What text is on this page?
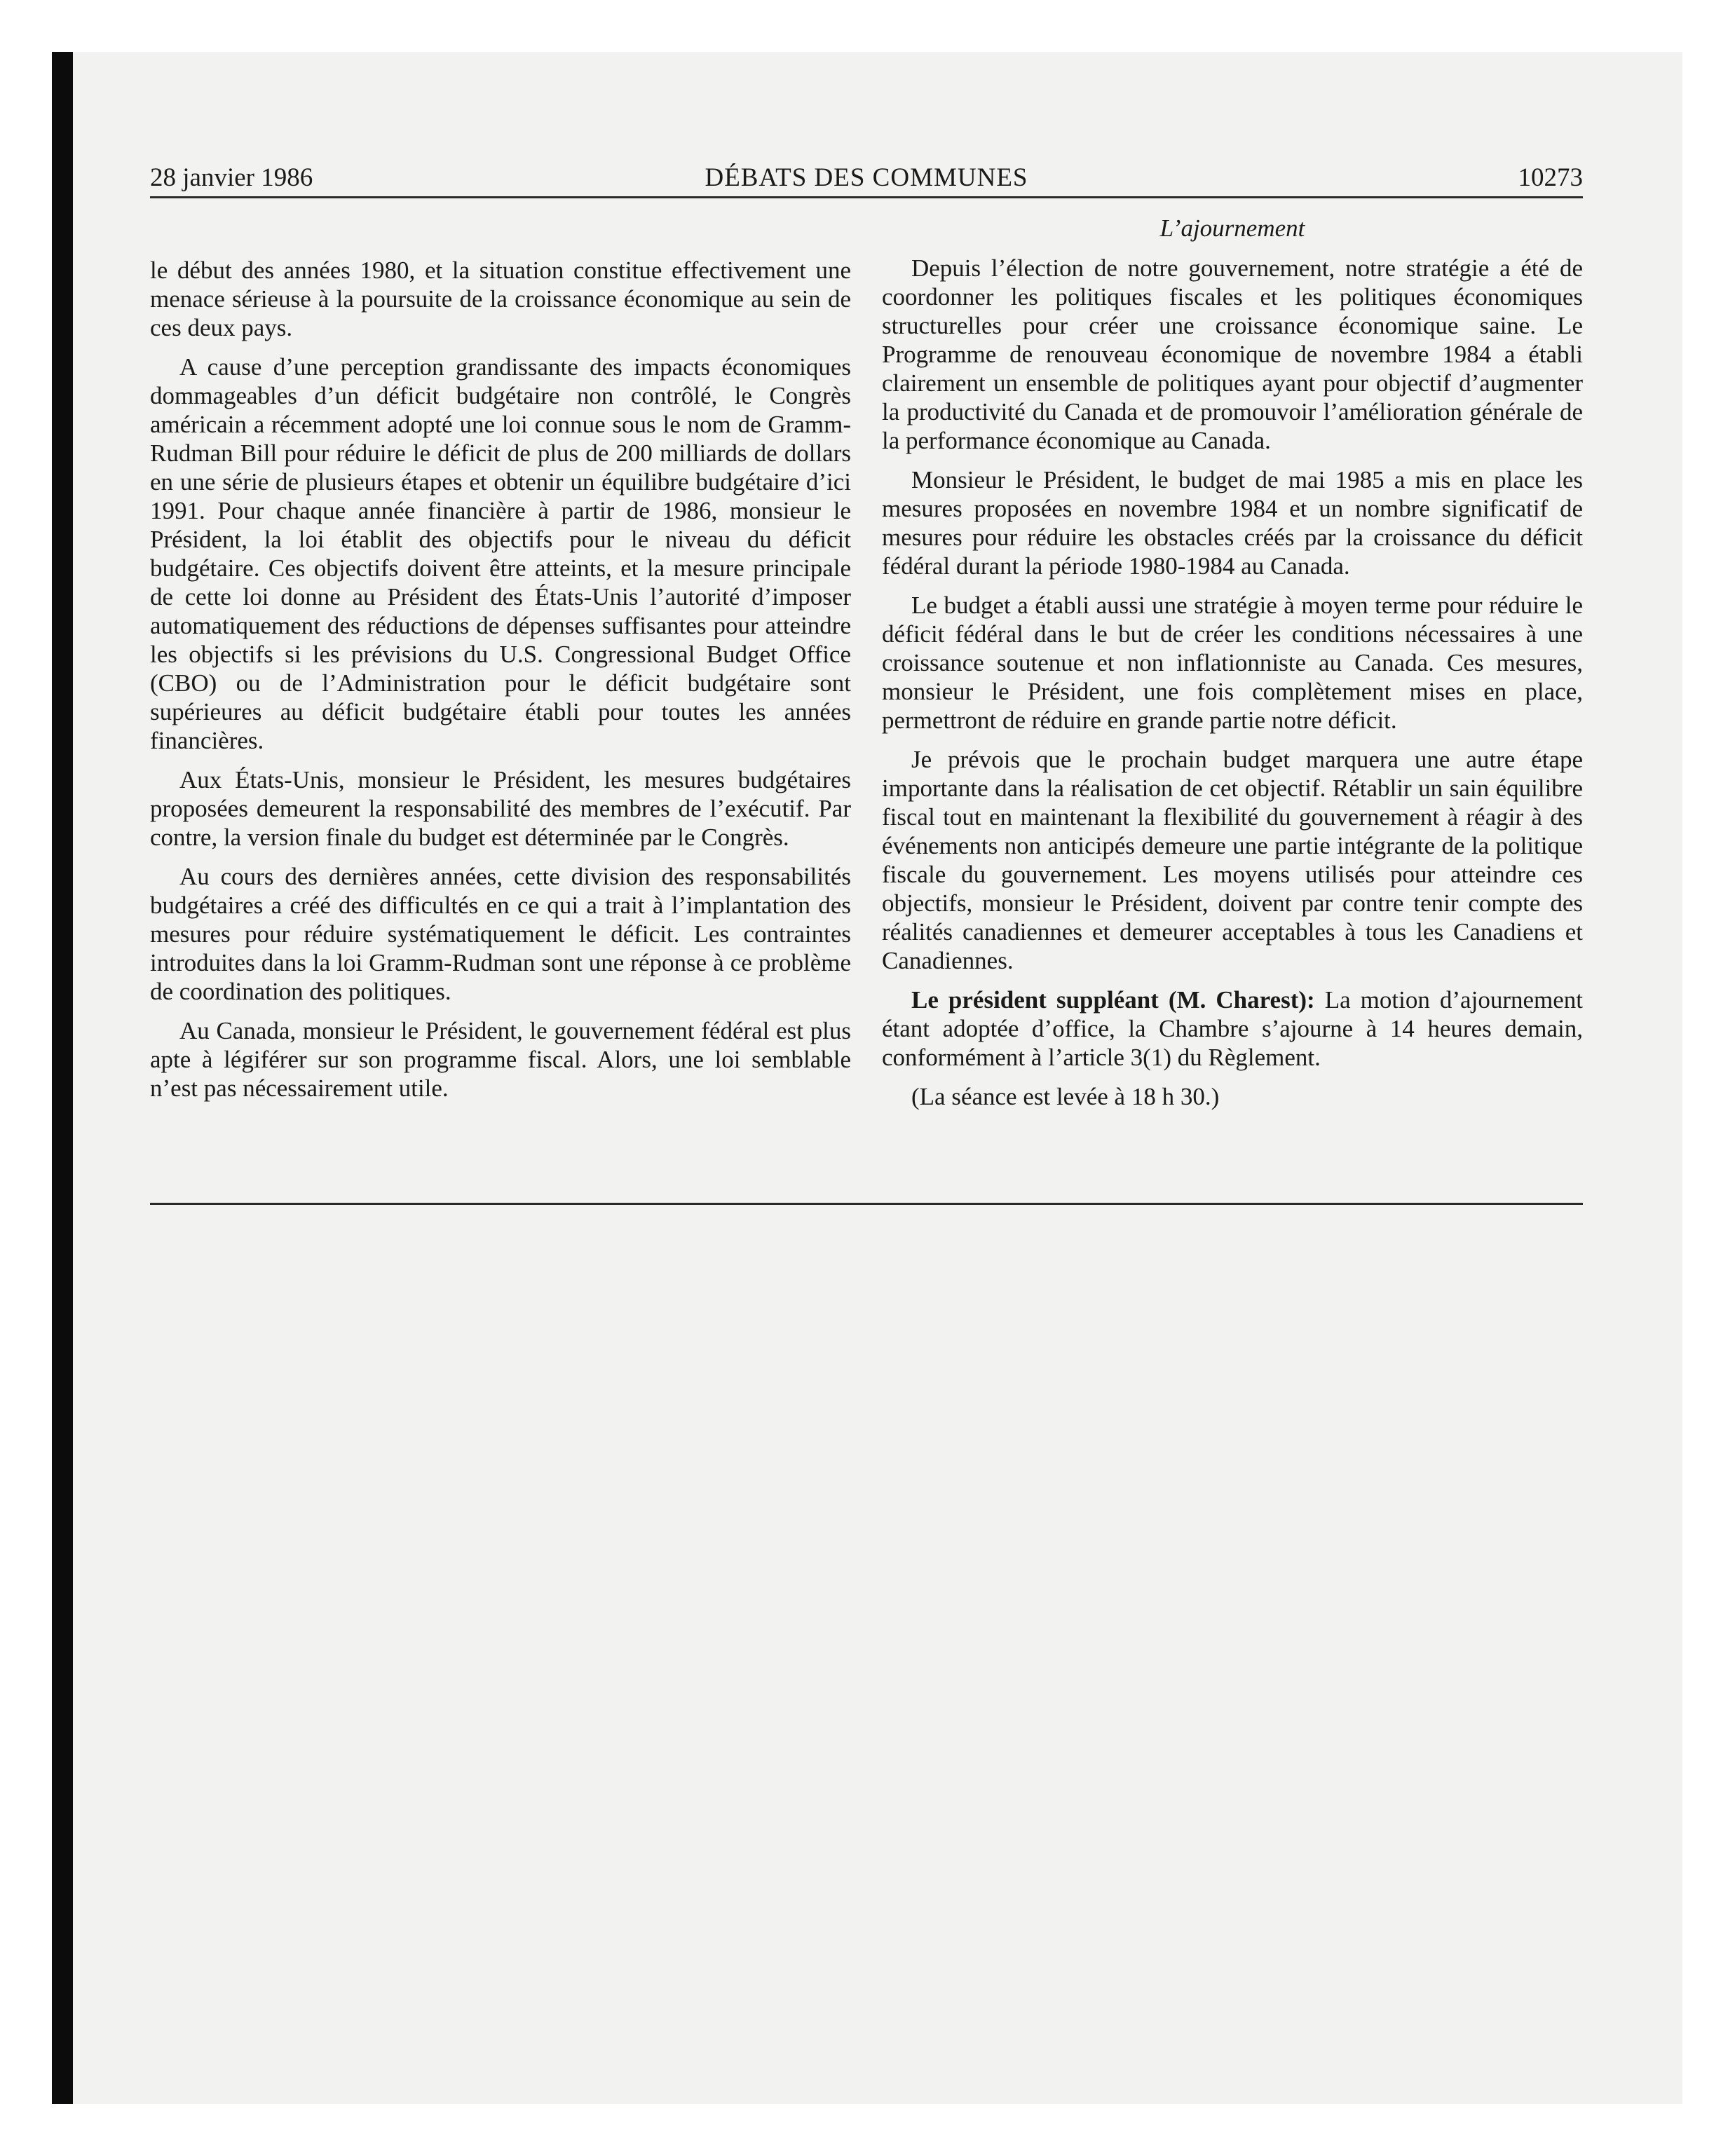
28 janvier 1986	DÉBATS DES COMMUNES	10273

le début des années 1980, et la situation constitue effectivement une menace sérieuse à la poursuite de la croissance économique au sein de ces deux pays.

A cause d’une perception grandissante des impacts économiques dommageables d’un déficit budgétaire non contrôlé, le Congrès américain a récemment adopté une loi connue sous le nom de Gramm-Rudman Bill pour réduire le déficit de plus de 200 milliards de dollars en une série de plusieurs étapes et obtenir un équilibre budgétaire d’ici 1991. Pour chaque année financière à partir de 1986, monsieur le Président, la loi établit des objectifs pour le niveau du déficit budgétaire. Ces objectifs doivent être atteints, et la mesure principale de cette loi donne au Président des États-Unis l’autorité d’imposer automatiquement des réductions de dépenses suffisantes pour atteindre les objectifs si les prévisions du U.S. Congressional Budget Office (CBO) ou de l’Administration pour le déficit budgétaire sont supérieures au déficit budgétaire établi pour toutes les années financières.

Aux États-Unis, monsieur le Président, les mesures budgétaires proposées demeurent la responsabilité des membres de l’exécutif. Par contre, la version finale du budget est déterminée par le Congrès.

Au cours des dernières années, cette division des responsabilités budgétaires a créé des difficultés en ce qui a trait à l’implantation des mesures pour réduire systématiquement le déficit. Les contraintes introduites dans la loi Gramm-Rudman sont une réponse à ce problème de coordination des politiques.

Au Canada, monsieur le Président, le gouvernement fédéral est plus apte à légiférer sur son programme fiscal. Alors, une loi semblable n’est pas nécessairement utile.

L’ajournement

Depuis l’élection de notre gouvernement, notre stratégie a été de coordonner les politiques fiscales et les politiques économiques structurelles pour créer une croissance économique saine. Le Programme de renouveau économique de novembre 1984 a établi clairement un ensemble de politiques ayant pour objectif d’augmenter la productivité du Canada et de promouvoir l’amélioration générale de la performance économique au Canada.

Monsieur le Président, le budget de mai 1985 a mis en place les mesures proposées en novembre 1984 et un nombre significatif de mesures pour réduire les obstacles créés par la croissance du déficit fédéral durant la période 1980-1984 au Canada.

Le budget a établi aussi une stratégie à moyen terme pour réduire le déficit fédéral dans le but de créer les conditions nécessaires à une croissance soutenue et non inflationniste au Canada. Ces mesures, monsieur le Président, une fois complètement mises en place, permettront de réduire en grande partie notre déficit.

Je prévois que le prochain budget marquera une autre étape importante dans la réalisation de cet objectif. Rétablir un sain équilibre fiscal tout en maintenant la flexibilité du gouvernement à réagir à des événements non anticipés demeure une partie intégrante de la politique fiscale du gouvernement. Les moyens utilisés pour atteindre ces objectifs, monsieur le Président, doivent par contre tenir compte des réalités canadiennes et demeurer acceptables à tous les Canadiens et Canadiennes.

Le président suppléant (M. Charest): La motion d’ajournement étant adoptée d’office, la Chambre s’ajourne à 14 heures demain, conformément à l’article 3(1) du Règlement.

(La séance est levée à 18 h 30.)
